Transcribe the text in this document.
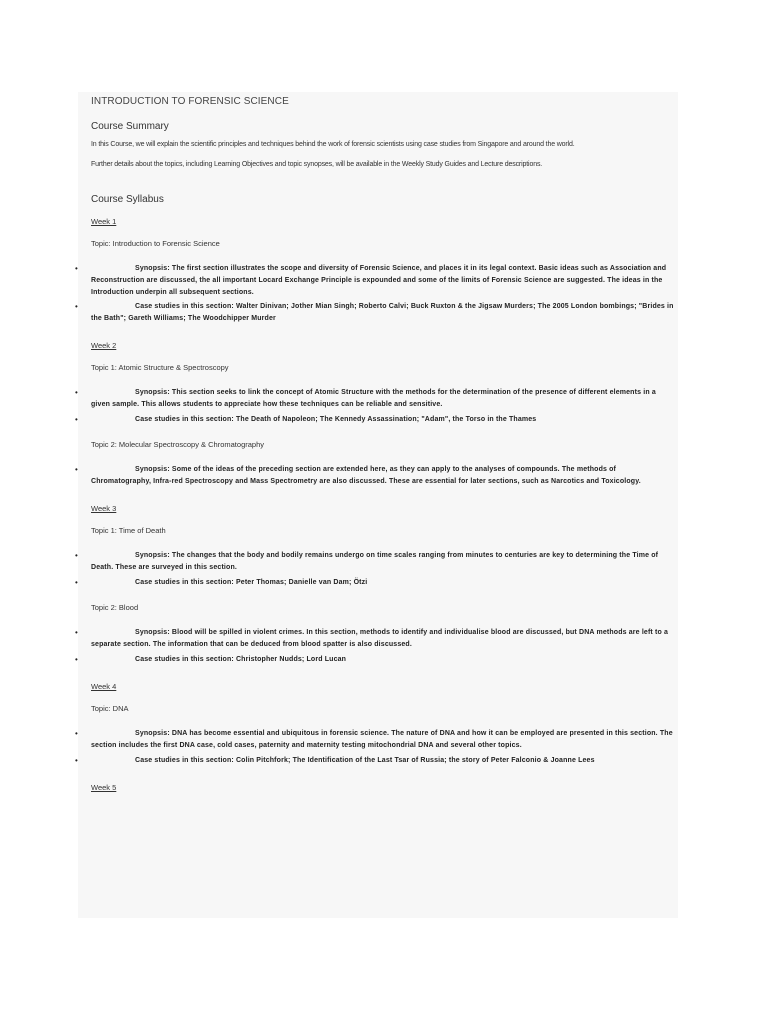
INTRODUCTION TO FORENSIC SCIENCE

Course Summary

In this Course, we will explain the scientific principles and techniques behind the work of forensic scientists using case studies from Singapore and around the world.

Further details about the topics, including Learning Objectives and topic synopses, will be available in the Weekly Study Guides and Lecture descriptions.

Course Syllabus

Week 1

Topic: Introduction to Forensic Science

•	Synopsis: The first section illustrates the scope and diversity of Forensic Science, and places it in its legal context. Basic ideas such as Association and Reconstruction are discussed, the all important Locard Exchange Principle is expounded and some of the limits of Forensic Science are suggested. The ideas in the Introduction underpin all subsequent sections.
•	Case studies in this section: Walter Dinivan; Jother Mian Singh; Roberto Calvi; Buck Ruxton & the Jigsaw Murders; The 2005 London bombings; "Brides in the Bath"; Gareth Williams; The Woodchipper Murder

Week 2

Topic 1: Atomic Structure & Spectroscopy

•	Synopsis: This section seeks to link the concept of Atomic Structure with the methods for the determination of the presence of different elements in a given sample. This allows students to appreciate how these techniques can be reliable and sensitive.
•	Case studies in this section: The Death of Napoleon; The Kennedy Assassination; "Adam", the Torso in the Thames

Topic 2: Molecular Spectroscopy & Chromatography

•	Synopsis: Some of the ideas of the preceding section are extended here, as they can apply to the analyses of compounds. The methods of Chromatography, Infra-red Spectroscopy and Mass Spectrometry are also discussed. These are essential for later sections, such as Narcotics and Toxicology.

Week 3

Topic 1: Time of Death

•	Synopsis: The changes that the body and bodily remains undergo on time scales ranging from minutes to centuries are key to determining the Time of Death. These are surveyed in this section.
•	Case studies in this section: Peter Thomas; Danielle van Dam; Ötzi

Topic 2: Blood

•	Synopsis: Blood will be spilled in violent crimes. In this section, methods to identify and individualise blood are discussed, but DNA methods are left to a separate section. The information that can be deduced from blood spatter is also discussed.
•	Case studies in this section: Christopher Nudds; Lord Lucan

Week 4

Topic: DNA

•	Synopsis: DNA has become essential and ubiquitous in forensic science. The nature of DNA and how it can be employed are presented in this section. The section includes the first DNA case, cold cases, paternity and maternity testing mitochondrial DNA and several other topics.
•	Case studies in this section: Colin Pitchfork; The Identification of the Last Tsar of Russia; the story of Peter Falconio & Joanne Lees

Week 5
